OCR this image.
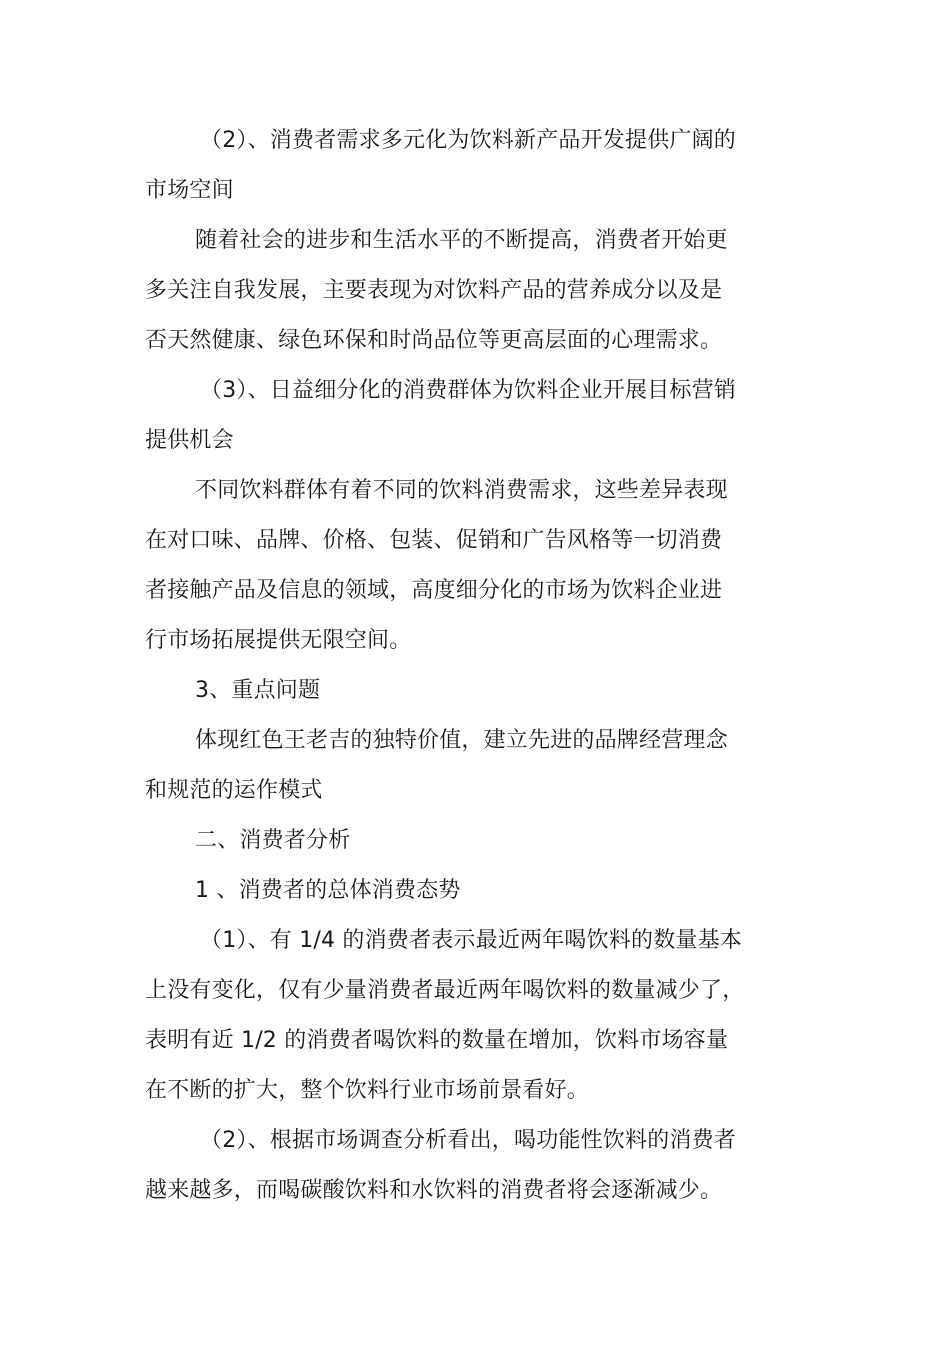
（2）、消费者需求多元化为饮料新产品开发提供广阔的
市场空间
随着社会的进步和生活水平的不断提高，消费者开始更
多关注自我发展，主要表现为对饮料产品的营养成分以及是
否天然健康、绿色环保和时尚品位等更高层面的心理需求。
（3）、日益细分化的消费群体为饮料企业开展目标营销
提供机会
不同饮料群体有着不同的饮料消费需求，这些差异表现
在对口味、品牌、价格、包装、促销和广告风格等一切消费
者接触产品及信息的领域，高度细分化的市场为饮料企业进
行市场拓展提供无限空间。
3、重点问题
体现红色王老吉的独特价值，建立先进的品牌经营理念
和规范的运作模式
二、消费者分析
1 、消费者的总体消费态势
（1）、有 1/4 的消费者表示最近两年喝饮料的数量基本
上没有变化，仅有少量消费者最近两年喝饮料的数量减少了，
表明有近 1/2 的消费者喝饮料的数量在增加，饮料市场容量
在不断的扩大，整个饮料行业市场前景看好。
（2）、根据市场调查分析看出，喝功能性饮料的消费者
越来越多，而喝碳酸饮料和水饮料的消费者将会逐渐减少。
